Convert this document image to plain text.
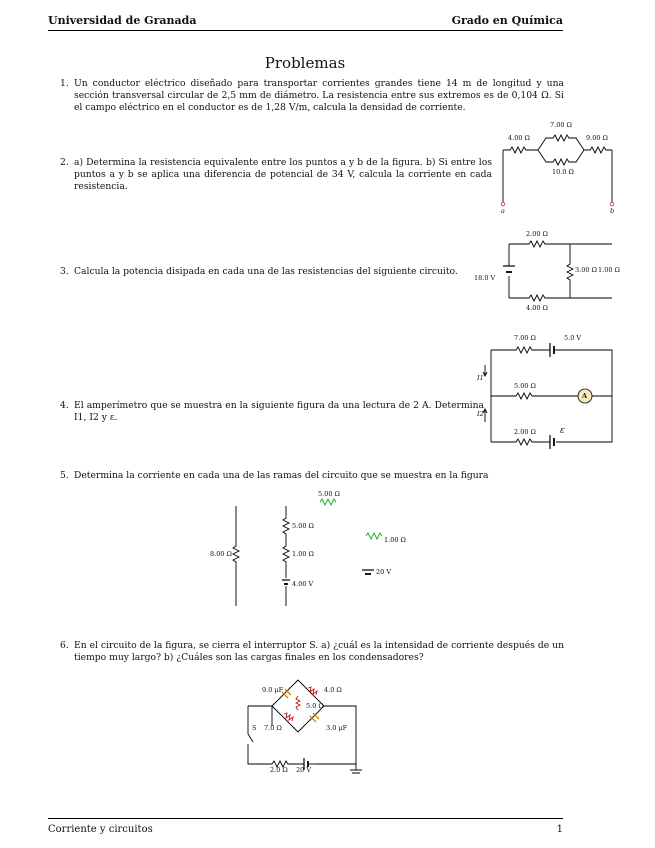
Universidad de Granada	Grado en Química
Problemas
1. Un conductor eléctrico diseñado para transportar corrientes grandes tiene 14 m de longitud y una sección transversal circular de 2,5 mm de diámetro. La resistencia entre sus extremos es de 0,104 Ω. Si el campo eléctrico en el conductor es de 1,28 V/m, calcula la densidad de corriente.
2. a) Determina la resistencia equivalente entre los puntos a y b de la figura. b) Si entre los puntos a y b se aplica una diferencia de potencial de 34 V, calcula la corriente en cada resistencia.
4.00 Ω
7.00 Ω
10.0 Ω
9.00 Ω
a	b
3. Calcula la potencia disipada en cada una de las resistencias del siguiente circuito.
2.00 Ω
4.00 Ω
3.00 Ω 1.00 Ω
18.0 V
4. El amperímetro que se muestra en la siguiente figura da una lectura de 2 A. Determina I1, I2 y ε.
7.00 Ω	5.0 V
5.00 Ω
A
2.00 Ω	ε
I1
I2
5. Determina la corriente en cada una de las ramas del circuito que se muestra en la figura
5.00 Ω
5.00 Ω
8.00 Ω	1.00 Ω
4.00 V
1.00 Ω
20 V
6. En el circuito de la figura, se cierra el interruptor S. a) ¿cuál es la intensidad de corriente después de un tiempo muy largo? b) ¿Cuáles son las cargas finales en los condensadores?
9.0 μF	4.0 Ω
5.0 Ω
7.0 Ω	3.0 μF
S
2.0 Ω 20 V
Corriente y circuitos	1
